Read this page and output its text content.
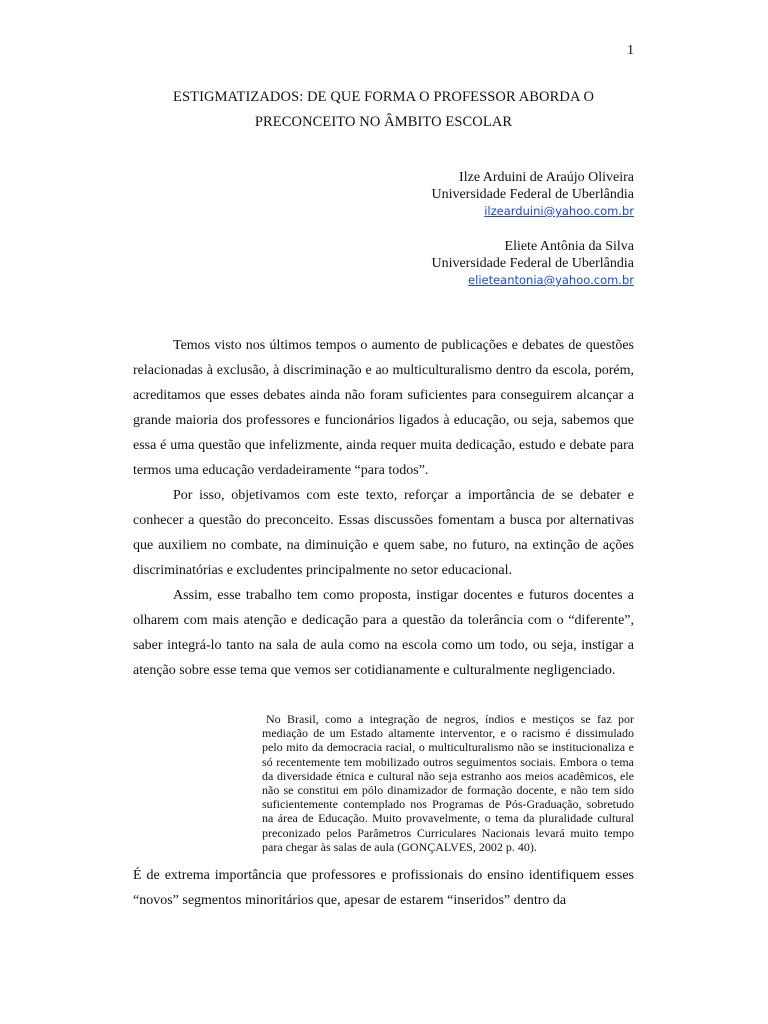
1
ESTIGMATIZADOS: DE QUE FORMA O PROFESSOR ABORDA O
PRECONCEITO NO ÂMBITO ESCOLAR
Ilze Arduini de Araújo Oliveira
Universidade Federal de Uberlândia
ilzearduini@yahoo.com.br
Eliete Antônia da Silva
Universidade Federal de Uberlândia
elieteantonia@yahoo.com.br

Temos visto nos últimos tempos o aumento de publicações e debates de questões relacionadas à exclusão, à discriminação e ao multiculturalismo dentro da escola, porém, acreditamos que esses debates ainda não foram suficientes para conseguirem alcançar a grande maioria dos professores e funcionários ligados à educação, ou seja, sabemos que essa é uma questão que infelizmente, ainda requer muita dedicação, estudo e debate para termos uma educação verdadeiramente “para todos”.

Por isso, objetivamos com este texto, reforçar a importância de se debater e conhecer a questão do preconceito. Essas discussões fomentam a busca por alternativas que auxiliem no combate, na diminuição e quem sabe, no futuro, na extinção de ações discriminatórias e excludentes principalmente no setor educacional.

Assim, esse trabalho tem como proposta, instigar docentes e futuros docentes a olharem com mais atenção e dedicação para a questão da tolerância com o “diferente”, saber integrá-lo tanto na sala de aula como na escola como um todo, ou seja, instigar a atenção sobre esse tema que vemos ser cotidianamente e culturalmente negligenciado.

No Brasil, como a integração de negros, índios e mestiços se faz por mediação de um Estado altamente interventor, e o racismo é dissimulado pelo mito da democracia racial, o multiculturalismo não se institucionaliza e só recentemente tem mobilizado outros seguimentos sociais. Embora o tema da diversidade étnica e cultural não seja estranho aos meios acadêmicos, ele não se constitui em pólo dinamizador de formação docente, e não tem sido suficientemente contemplado nos Programas de Pós-Graduação, sobretudo na área de Educação. Muito provavelmente, o tema da pluralidade cultural preconizado pelos Parâmetros Curriculares Nacionais levará muito tempo para chegar às salas de aula (GONÇALVES, 2002 p. 40).

É de extrema importância que professores e profissionais do ensino identifiquem esses “novos” segmentos minoritários que, apesar de estarem “inseridos” dentro da
